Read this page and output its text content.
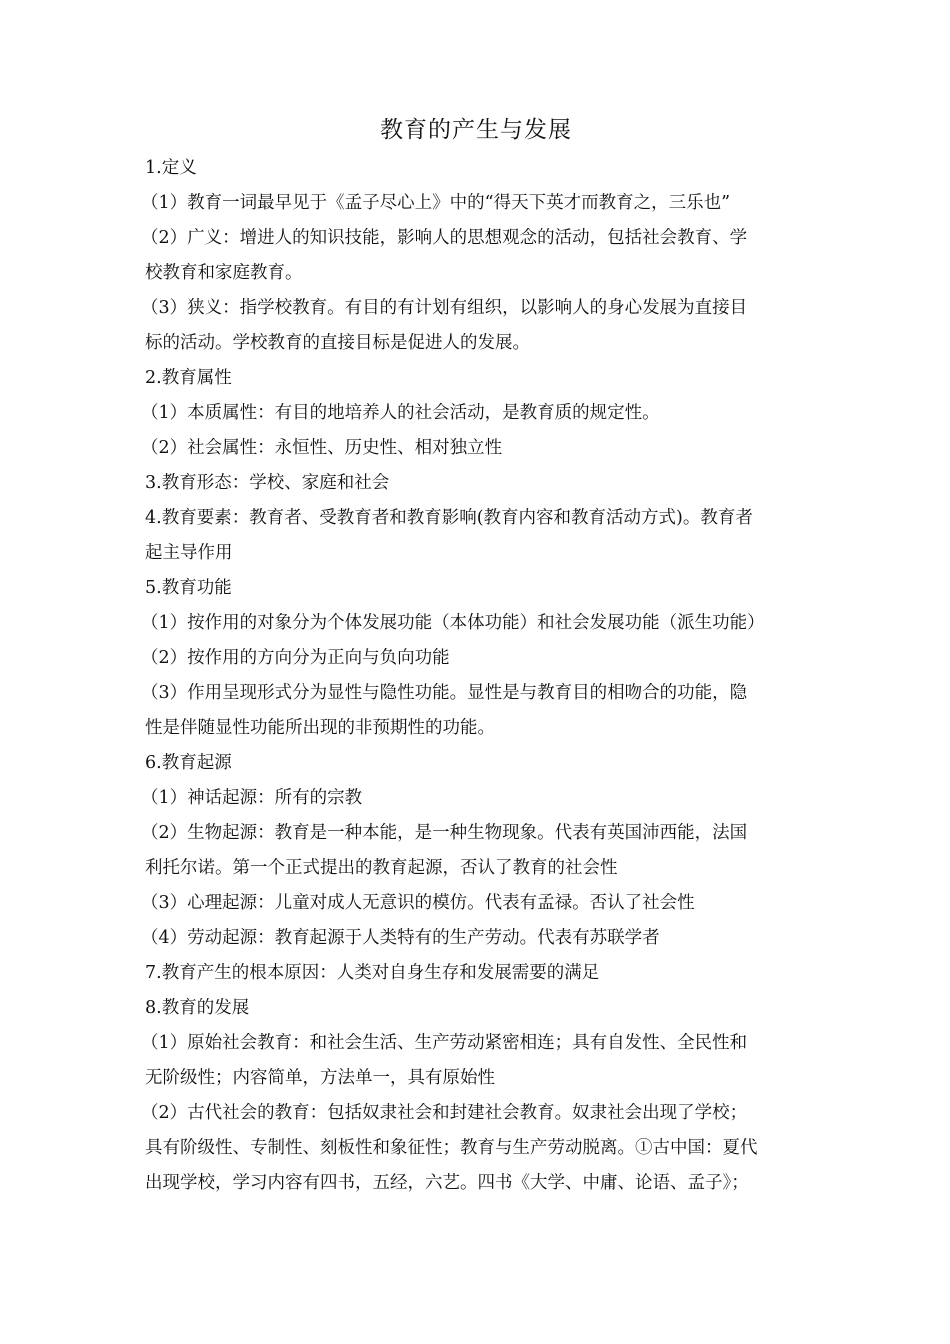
教育的产生与发展
1.定义
（1）教育一词最早见于《孟子尽心上》中的“得天下英才而教育之，三乐也”
（2）广义：增进人的知识技能，影响人的思想观念的活动，包括社会教育、学
校教育和家庭教育。
（3）狭义：指学校教育。有目的有计划有组织，以影响人的身心发展为直接目
标的活动。学校教育的直接目标是促进人的发展。
2.教育属性
（1）本质属性：有目的地培养人的社会活动，是教育质的规定性。
（2）社会属性：永恒性、历史性、相对独立性
3.教育形态：学校、家庭和社会
4.教育要素：教育者、受教育者和教育影响(教育内容和教育活动方式)。教育者
起主导作用
5.教育功能
（1）按作用的对象分为个体发展功能（本体功能）和社会发展功能（派生功能）
（2）按作用的方向分为正向与负向功能
（3）作用呈现形式分为显性与隐性功能。显性是与教育目的相吻合的功能，隐
性是伴随显性功能所出现的非预期性的功能。
6.教育起源
（1）神话起源：所有的宗教
（2）生物起源：教育是一种本能，是一种生物现象。代表有英国沛西能，法国
利托尔诺。第一个正式提出的教育起源，否认了教育的社会性
（3）心理起源：儿童对成人无意识的模仿。代表有孟禄。否认了社会性
（4）劳动起源：教育起源于人类特有的生产劳动。代表有苏联学者
7.教育产生的根本原因：人类对自身生存和发展需要的满足
8.教育的发展
（1）原始社会教育：和社会生活、生产劳动紧密相连；具有自发性、全民性和
无阶级性；内容简单，方法单一，具有原始性
（2）古代社会的教育：包括奴隶社会和封建社会教育。奴隶社会出现了学校；
具有阶级性、专制性、刻板性和象征性；教育与生产劳动脱离。①古中国：夏代
出现学校，学习内容有四书，五经，六艺。四书《大学、中庸、论语、孟子》；
